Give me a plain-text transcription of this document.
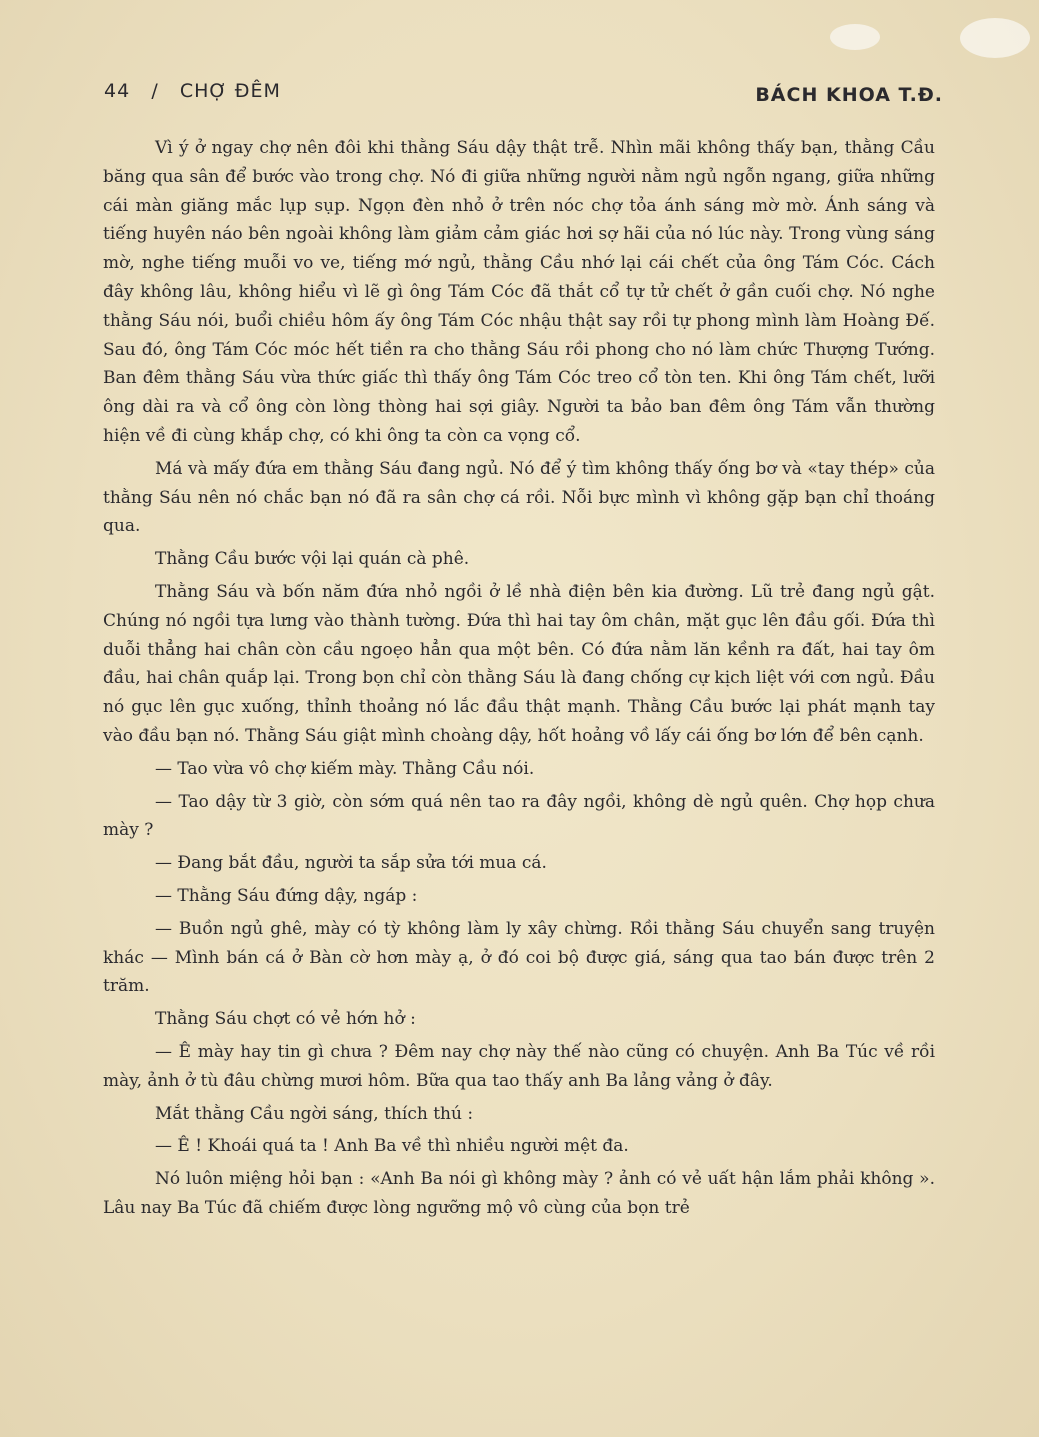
44 / CHỢ ĐÊM	BÁCH KHOA T.Đ.

Vì ý ở ngay chợ nên đôi khi thằng Sáu dậy thật trễ. Nhìn mãi không thấy bạn, thằng Cầu băng qua sân để bước vào trong chợ. Nó đi giữa những người nằm ngủ ngỗn ngang, giữa những cái màn giăng mắc lụp sụp. Ngọn đèn nhỏ ở trên nóc chợ tỏa ánh sáng mờ mờ. Ánh sáng và tiếng huyên náo bên ngoài không làm giảm cảm giác hơi sợ hãi của nó lúc này. Trong vùng sáng mờ, nghe tiếng muỗi vo ve, tiếng mớ ngủ, thằng Cầu nhớ lại cái chết của ông Tám Cóc. Cách đây không lâu, không hiểu vì lẽ gì ông Tám Cóc đã thắt cổ tự tử chết ở gần cuối chợ. Nó nghe thằng Sáu nói, buổi chiều hôm ấy ông Tám Cóc nhậu thật say rồi tự phong mình làm Hoàng Đế. Sau đó, ông Tám Cóc móc hết tiền ra cho thằng Sáu rồi phong cho nó làm chức Thượng Tướng. Ban đêm thằng Sáu vừa thức giấc thì thấy ông Tám Cóc treo cổ tòn ten. Khi ông Tám chết, lưỡi ông dài ra và cổ ông còn lòng thòng hai sợi giây. Người ta bảo ban đêm ông Tám vẫn thường hiện về đi cùng khắp chợ, có khi ông ta còn ca vọng cổ.

Má và mấy đứa em thằng Sáu đang ngủ. Nó để ý tìm không thấy ống bơ và «tay thép» của thằng Sáu nên nó chắc bạn nó đã ra sân chợ cá rồi. Nỗi bực mình vì không gặp bạn chỉ thoáng qua.

Thằng Cầu bước vội lại quán cà phê.

Thằng Sáu và bốn năm đứa nhỏ ngồi ở lề nhà điện bên kia đường. Lũ trẻ đang ngủ gật. Chúng nó ngồi tựa lưng vào thành tường. Đứa thì hai tay ôm chân, mặt gục lên đầu gối. Đứa thì duỗi thẳng hai chân còn cầu ngoẹo hẳn qua một bên. Có đứa nằm lăn kềnh ra đất, hai tay ôm đầu, hai chân quắp lại. Trong bọn chỉ còn thằng Sáu là đang chống cự kịch liệt với cơn ngủ. Đầu nó gục lên gục xuống, thỉnh thoảng nó lắc đầu thật mạnh. Thằng Cầu bước lại phát mạnh tay vào đầu bạn nó. Thằng Sáu giật mình choàng dậy, hốt hoảng vồ lấy cái ống bơ lớn để bên cạnh.

— Tao vừa vô chợ kiếm mày. Thằng Cầu nói.

— Tao dậy từ 3 giờ, còn sớm quá nên tao ra đây ngồi, không dè ngủ quên. Chợ họp chưa mày ?

— Đang bắt đầu, người ta sắp sửa tới mua cá.

— Thằng Sáu đứng dậy, ngáp :

— Buồn ngủ ghê, mày có tỳ không làm ly xây chừng. Rồi thằng Sáu chuyển sang truyện khác — Mình bán cá ở Bàn cờ hơn mày ạ, ở đó coi bộ được giá, sáng qua tao bán được trên 2 trăm.

Thằng Sáu chợt có vẻ hớn hở :

— Ê mày hay tin gì chưa ? Đêm nay chợ này thế nào cũng có chuyện. Anh Ba Túc về rồi mày, ảnh ở tù đâu chừng mươi hôm. Bữa qua tao thấy anh Ba lảng vảng ở đây.

Mắt thằng Cầu ngời sáng, thích thú :

— Ê ! Khoái quá ta ! Anh Ba về thì nhiều người mệt đa.

Nó luôn miệng hỏi bạn : «Anh Ba nói gì không mày ? ảnh có vẻ uất hận lắm phải không ». Lâu nay Ba Túc đã chiếm được lòng ngưỡng mộ vô cùng của bọn trẻ
